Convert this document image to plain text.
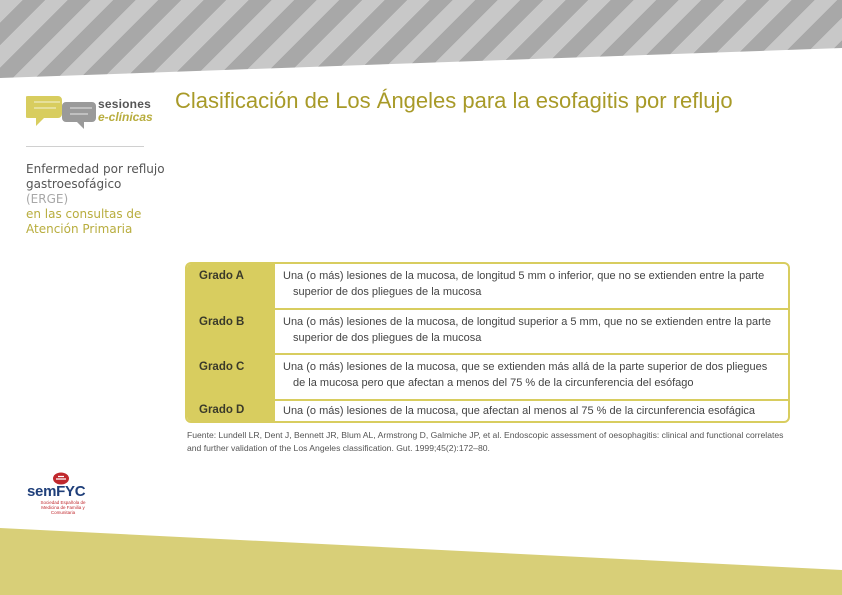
sesiones
e-clínicas
Enfermedad por reflujo
gastroesofágico (ERGE)
en las consultas de
Atención Primaria
Clasificación de Los Ángeles para la esofagitis por reflujo
Grado A	Una (o más) lesiones de la mucosa, de longitud 5 mm o inferior, que no se extienden entre la parte superior de dos pliegues de la mucosa
Grado B	Una (o más) lesiones de la mucosa, de longitud superior a 5 mm, que no se extienden entre la parte superior de dos pliegues de la mucosa
Grado C	Una (o más) lesiones de la mucosa, que se extienden más allá de la parte superior de dos pliegues de la mucosa pero que afectan a menos del 75 % de la circunferencia del esófago
Grado D	Una (o más) lesiones de la mucosa, que afectan al menos al 75 % de la circunferencia esofágica

Fuente: Lundell LR, Dent J, Bennett JR, Blum AL, Armstrong D, Galmiche JP, et al. Endoscopic assessment of oesophagitis: clinical and functional correlates and further validation of the Los Angeles classification. Gut. 1999;45(2):172–80.

semFYC
Sociedad Española de Medicina de Familia y Comunitaria
